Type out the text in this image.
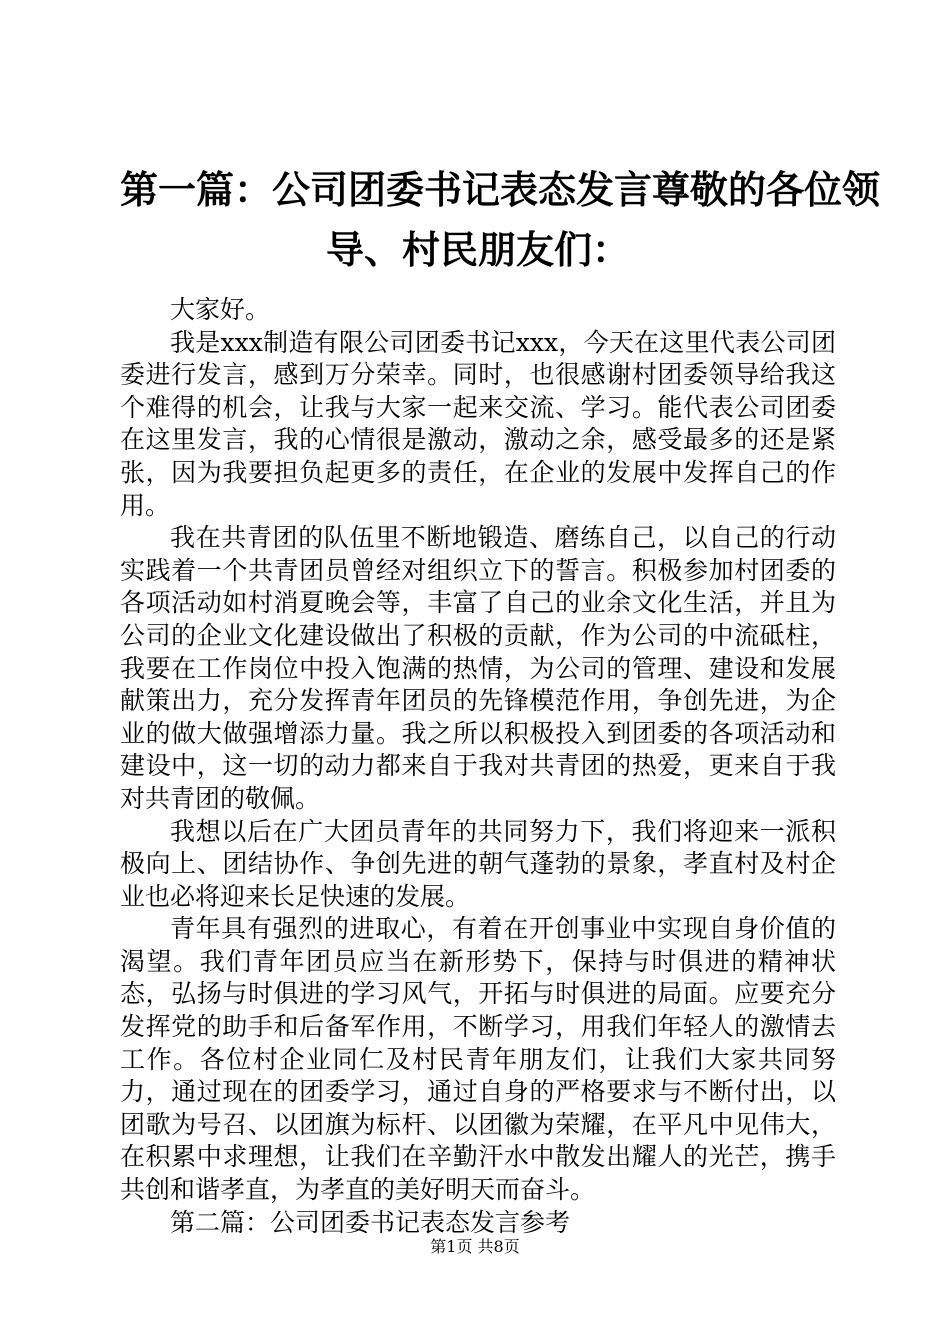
第一篇：公司团委书记表态发言尊敬的各位领
导、村民朋友们：

大家好。

我是xxx制造有限公司团委书记xxx，今天在这里代表公司团委进行发言，感到万分荣幸。同时，也很感谢村团委领导给我这个难得的机会，让我与大家一起来交流、学习。能代表公司团委在这里发言，我的心情很是激动，激动之余，感受最多的还是紧张，因为我要担负起更多的责任，在企业的发展中发挥自己的作用。

我在共青团的队伍里不断地锻造、磨练自己，以自己的行动实践着一个共青团员曾经对组织立下的誓言。积极参加村团委的各项活动如村消夏晚会等，丰富了自己的业余文化生活，并且为公司的企业文化建设做出了积极的贡献，作为公司的中流砥柱，我要在工作岗位中投入饱满的热情，为公司的管理、建设和发展献策出力，充分发挥青年团员的先锋模范作用，争创先进，为企业的做大做强增添力量。我之所以积极投入到团委的各项活动和建设中，这一切的动力都来自于我对共青团的热爱，更来自于我对共青团的敬佩。

我想以后在广大团员青年的共同努力下，我们将迎来一派积极向上、团结协作、争创先进的朝气蓬勃的景象，孝直村及村企业也必将迎来长足快速的发展。

青年具有强烈的进取心，有着在开创事业中实现自身价值的渴望。我们青年团员应当在新形势下，保持与时俱进的精神状态，弘扬与时俱进的学习风气，开拓与时俱进的局面。应要充分发挥党的助手和后备军作用，不断学习，用我们年轻人的激情去工作。各位村企业同仁及村民青年朋友们，让我们大家共同努力，通过现在的团委学习，通过自身的严格要求与不断付出，以团歌为号召、以团旗为标杆、以团徽为荣耀，在平凡中见伟大，在积累中求理想，让我们在辛勤汗水中散发出耀人的光芒，携手共创和谐孝直，为孝直的美好明天而奋斗。

第二篇：公司团委书记表态发言参考

第1页 共8页
